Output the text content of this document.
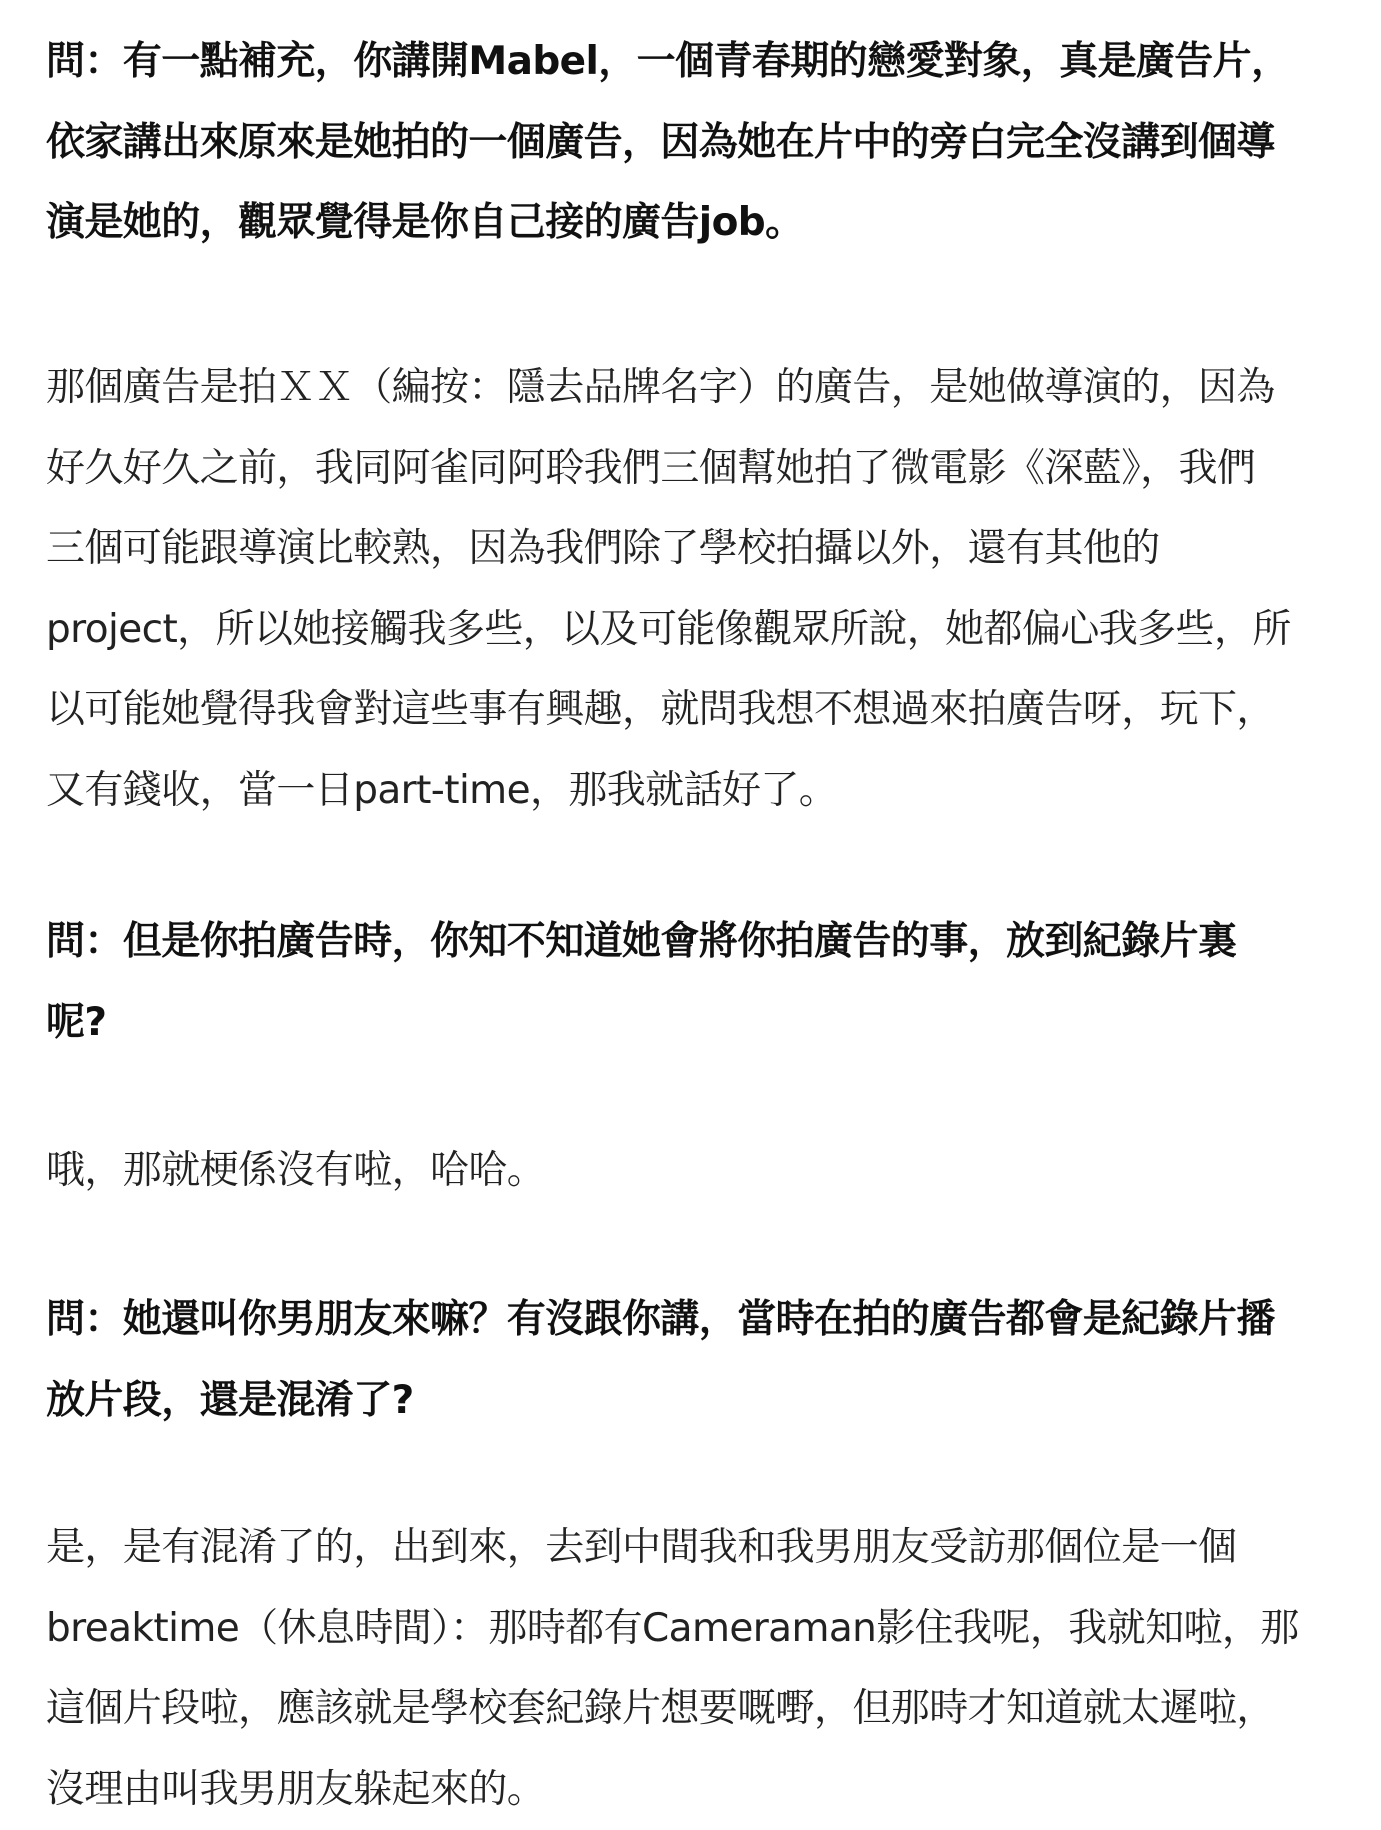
問：有一點補充，你講開Mabel，一個青春期的戀愛對象，真是廣告片，
依家講出來原來是她拍的一個廣告，因為她在片中的旁白完全沒講到個導
演是她的，觀眾覺得是你自己接的廣告job。

那個廣告是拍ＸＸ（編按：隱去品牌名字）的廣告，是她做導演的，因為
好久好久之前，我同阿雀同阿聆我們三個幫她拍了微電影《深藍》，我們
三個可能跟導演比較熟，因為我們除了學校拍攝以外，還有其他的
project，所以她接觸我多些，以及可能像觀眾所說，她都偏心我多些，所
以可能她覺得我會對這些事有興趣，就問我想不想過來拍廣告呀，玩下，
又有錢收，當一日part-time，那我就話好了。

問：但是你拍廣告時，你知不知道她會將你拍廣告的事，放到紀錄片裏
呢?

哦，那就梗係沒有啦，哈哈。

問：她還叫你男朋友來嘛？有沒跟你講，當時在拍的廣告都會是紀錄片播
放片段，還是混淆了?

是，是有混淆了的，出到來，去到中間我和我男朋友受訪那個位是一個
breaktime（休息時間）：那時都有Cameraman影住我呢，我就知啦，那
這個片段啦，應該就是學校套紀錄片想要嘅嘢，但那時才知道就太遲啦，
沒理由叫我男朋友躲起來的。
